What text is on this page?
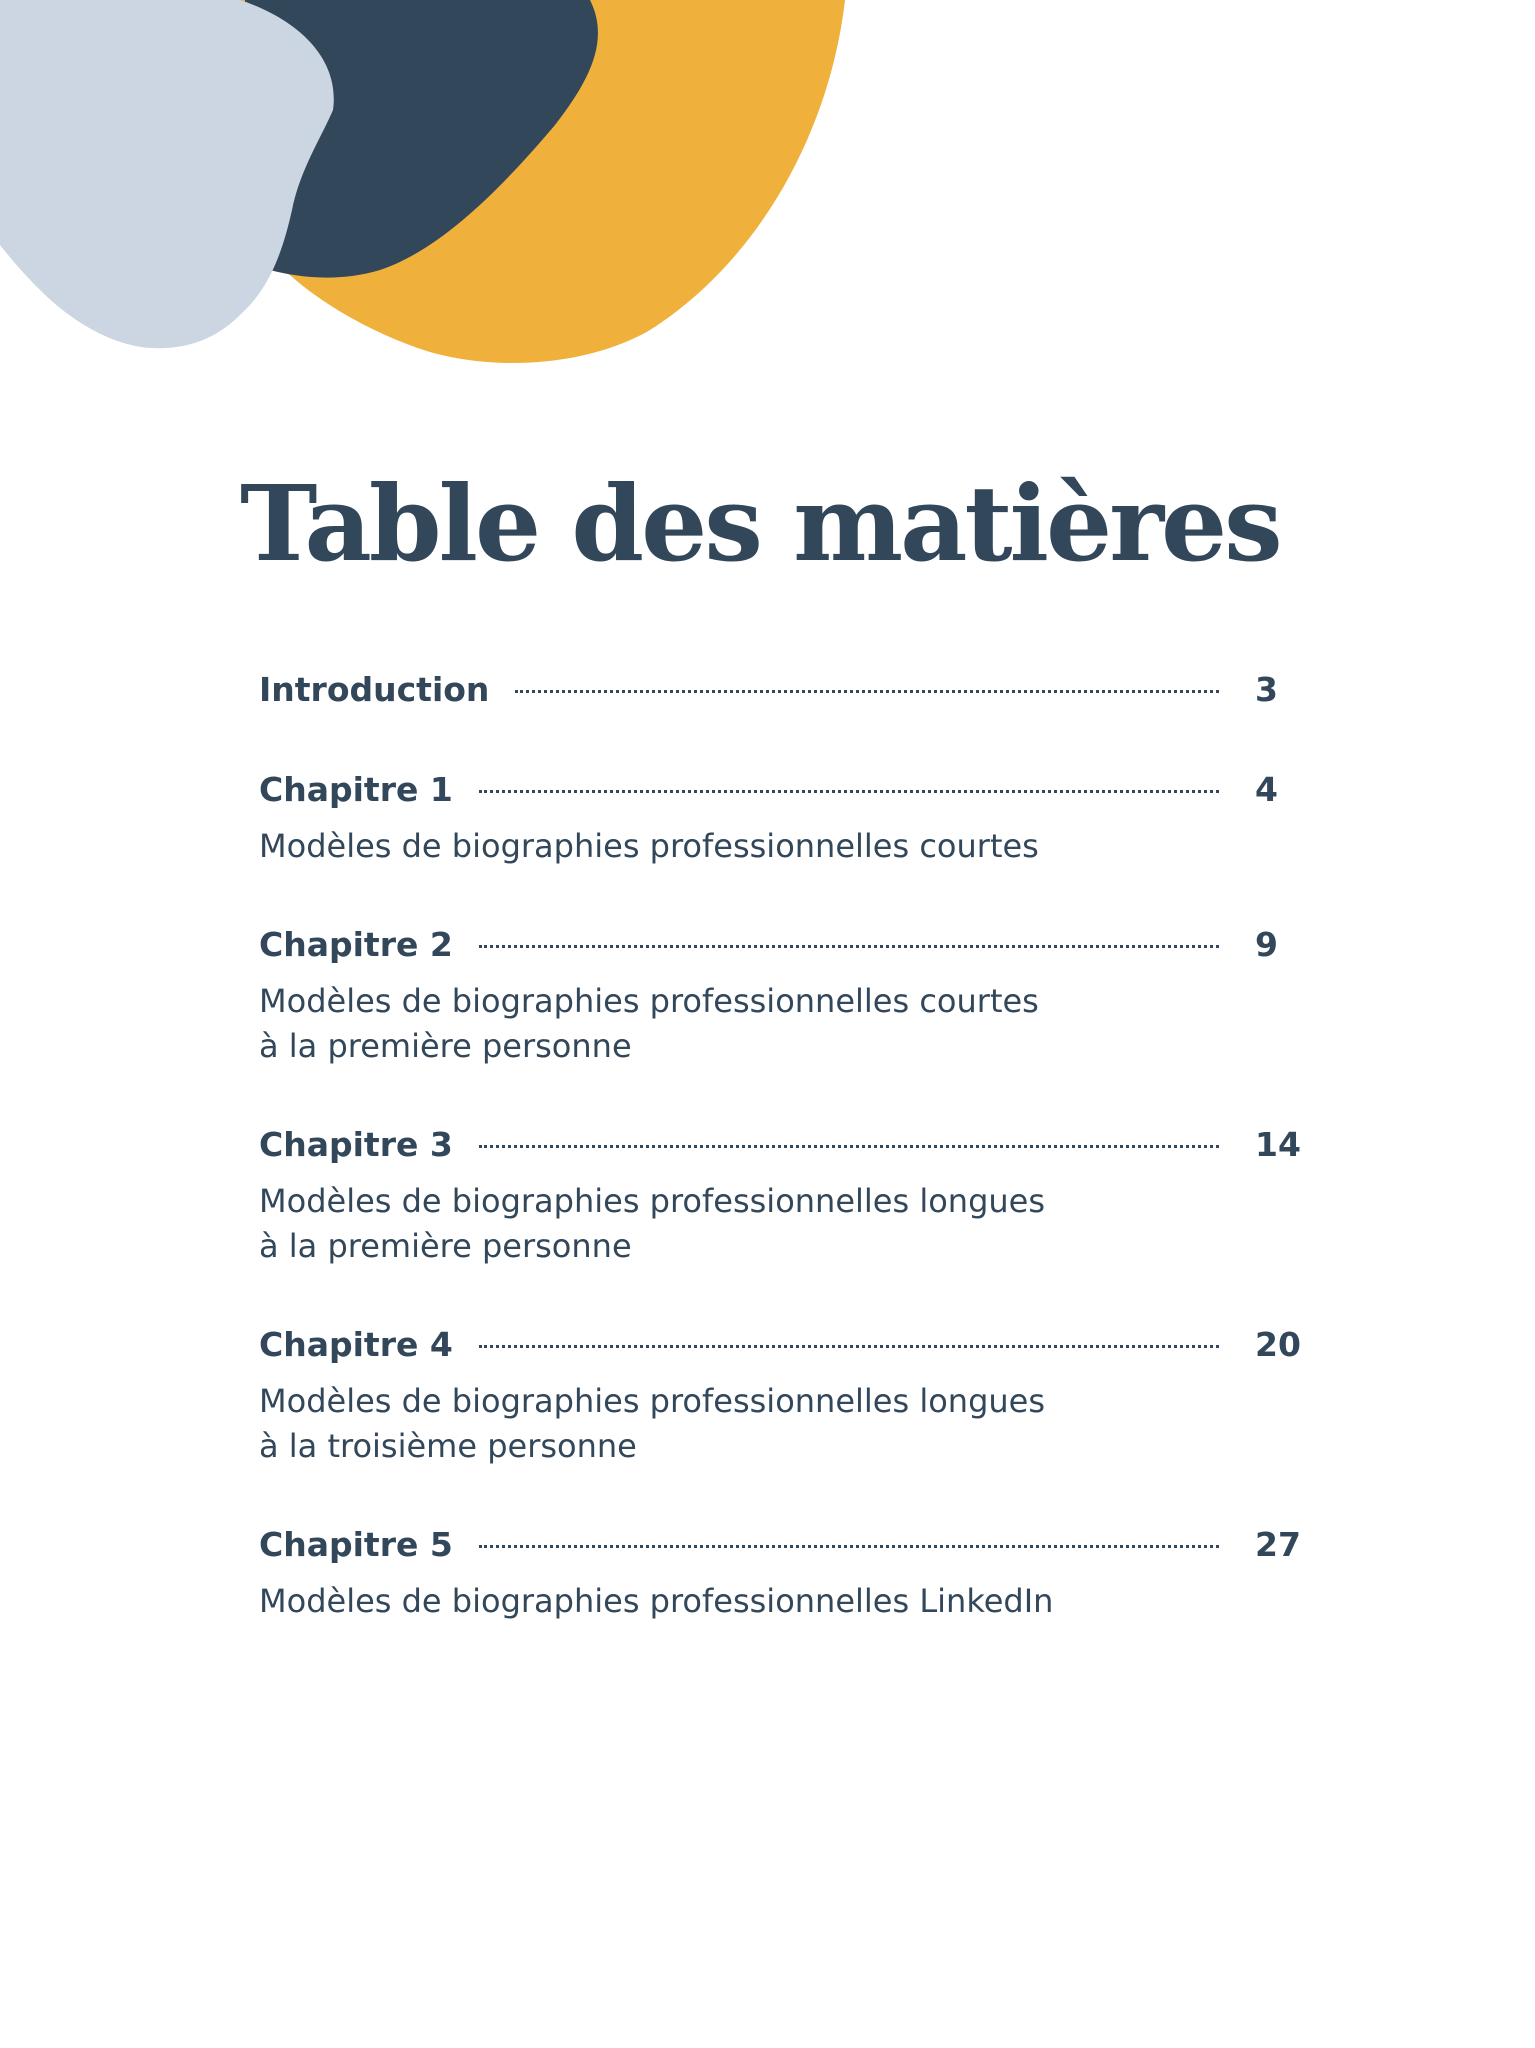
Table des matières
Introduction	3
Chapitre 1	4
Modèles de biographies professionnelles courtes
Chapitre 2	9
Modèles de biographies professionnelles courtes
à la première personne
Chapitre 3	14
Modèles de biographies professionnelles longues
à la première personne
Chapitre 4	20
Modèles de biographies professionnelles longues
à la troisième personne
Chapitre 5	27
Modèles de biographies professionnelles LinkedIn
